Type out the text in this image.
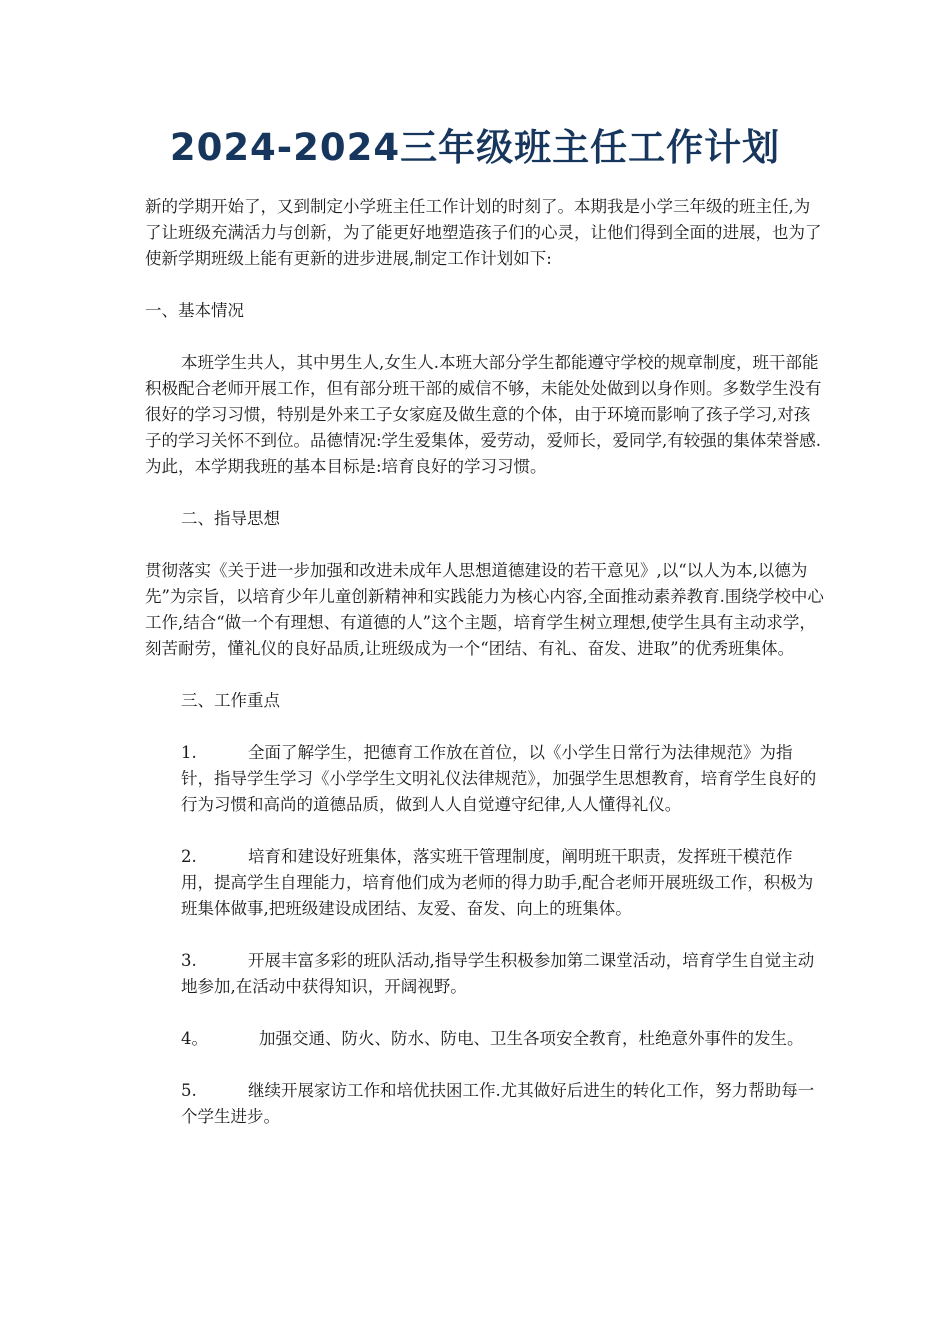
2024-2024三年级班主任工作计划

新的学期开始了，又到制定小学班主任工作计划的时刻了。本期我是小学三年级的班主任,为了让班级充满活力与创新，为了能更好地塑造孩子们的心灵，让他们得到全面的进展，也为了使新学期班级上能有更新的进步进展,制定工作计划如下:

一、基本情况

本班学生共人，其中男生人,女生人.本班大部分学生都能遵守学校的规章制度，班干部能积极配合老师开展工作，但有部分班干部的威信不够，未能处处做到以身作则。多数学生没有很好的学习习惯，特别是外来工子女家庭及做生意的个体，由于环境而影响了孩子学习,对孩子的学习关怀不到位。品德情况:学生爱集体，爱劳动，爱师长，爱同学,有较强的集体荣誉感.为此，本学期我班的基本目标是:培育良好的学习习惯。

二、指导思想

贯彻落实《关于进一步加强和改进未成年人思想道德建设的若干意见》,以“以人为本,以德为先”为宗旨，以培育少年儿童创新精神和实践能力为核心内容,全面推动素养教育.围绕学校中心工作,结合“做一个有理想、有道德的人”这个主题，培育学生树立理想,使学生具有主动求学，刻苦耐劳，懂礼仪的良好品质,让班级成为一个“团结、有礼、奋发、进取”的优秀班集体。

三、工作重点

1.	全面了解学生，把德育工作放在首位，以《小学生日常行为法律规范》为指针，指导学生学习《小学学生文明礼仪法律规范》，加强学生思想教育，培育学生良好的行为习惯和高尚的道德品质，做到人人自觉遵守纪律,人人懂得礼仪。

2.	培育和建设好班集体，落实班干管理制度，阐明班干职责，发挥班干模范作用，提高学生自理能力，培育他们成为老师的得力助手,配合老师开展班级工作，积极为班集体做事,把班级建设成团结、友爱、奋发、向上的班集体。

3.	开展丰富多彩的班队活动,指导学生积极参加第二课堂活动，培育学生自觉主动地参加,在活动中获得知识，开阔视野。

4。	加强交通、防火、防水、防电、卫生各项安全教育，杜绝意外事件的发生。

5.	继续开展家访工作和培优扶困工作.尤其做好后进生的转化工作，努力帮助每一个学生进步。
